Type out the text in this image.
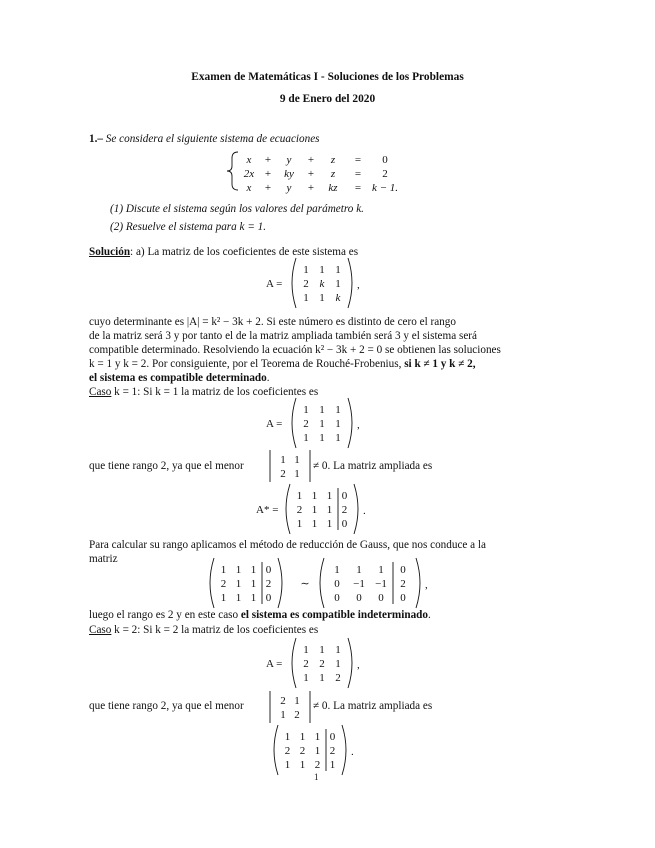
Examen de Matemáticas I - Soluciones de los Problemas
9 de Enero del 2020
1.– Se considera el siguiente sistema de ecuaciones
x + y + z = 0
2x + ky + z = 2
x + y + kz = k − 1.
(1) Discute el sistema según los valores del parámetro k.
(2) Resuelve el sistema para k = 1.
Solución: a) La matriz de los coeficientes de este sistema es
A =
1 1 1
2 k 1
1 1 k
,
A =
1 1 1
2 1 1
1 1 1
,
1 1
2 1
A* =
1 1 1 0
2 1 1 2
1 1 1 0
.
1 1 1 0
2 1 1 2
1 1 1 0
∼
1 1 1 0
0 −1 −1 2
0 0 0 0
,
A =
1 1 1
2 2 1
1 1 2
,
2 1
1 2
1 1 1 0
2 2 1 2
1 1 2 1
.
cuyo determinante es |A| = k² − 3k + 2. Si este número es distinto de cero el rango
de la matriz será 3 y por tanto el de la matriz ampliada también será 3 y el sistema será
compatible determinado. Resolviendo la ecuación k² − 3k + 2 = 0 se obtienen las soluciones
k = 1 y k = 2. Por consiguiente, por el Teorema de Rouché-Frobenius, si k ≠ 1 y k ≠ 2,
el sistema es compatible determinado.
Caso k = 1: Si k = 1 la matriz de los coeficientes es
que tiene rango 2, ya que el menor	≠ 0. La matriz ampliada es
Para calcular su rango aplicamos el método de reducción de Gauss, que nos conduce a la
matriz
luego el rango es 2 y en este caso el sistema es compatible indeterminado.
Caso k = 2: Si k = 2 la matriz de los coeficientes es
que tiene rango 2, ya que el menor	≠ 0. La matriz ampliada es
1
